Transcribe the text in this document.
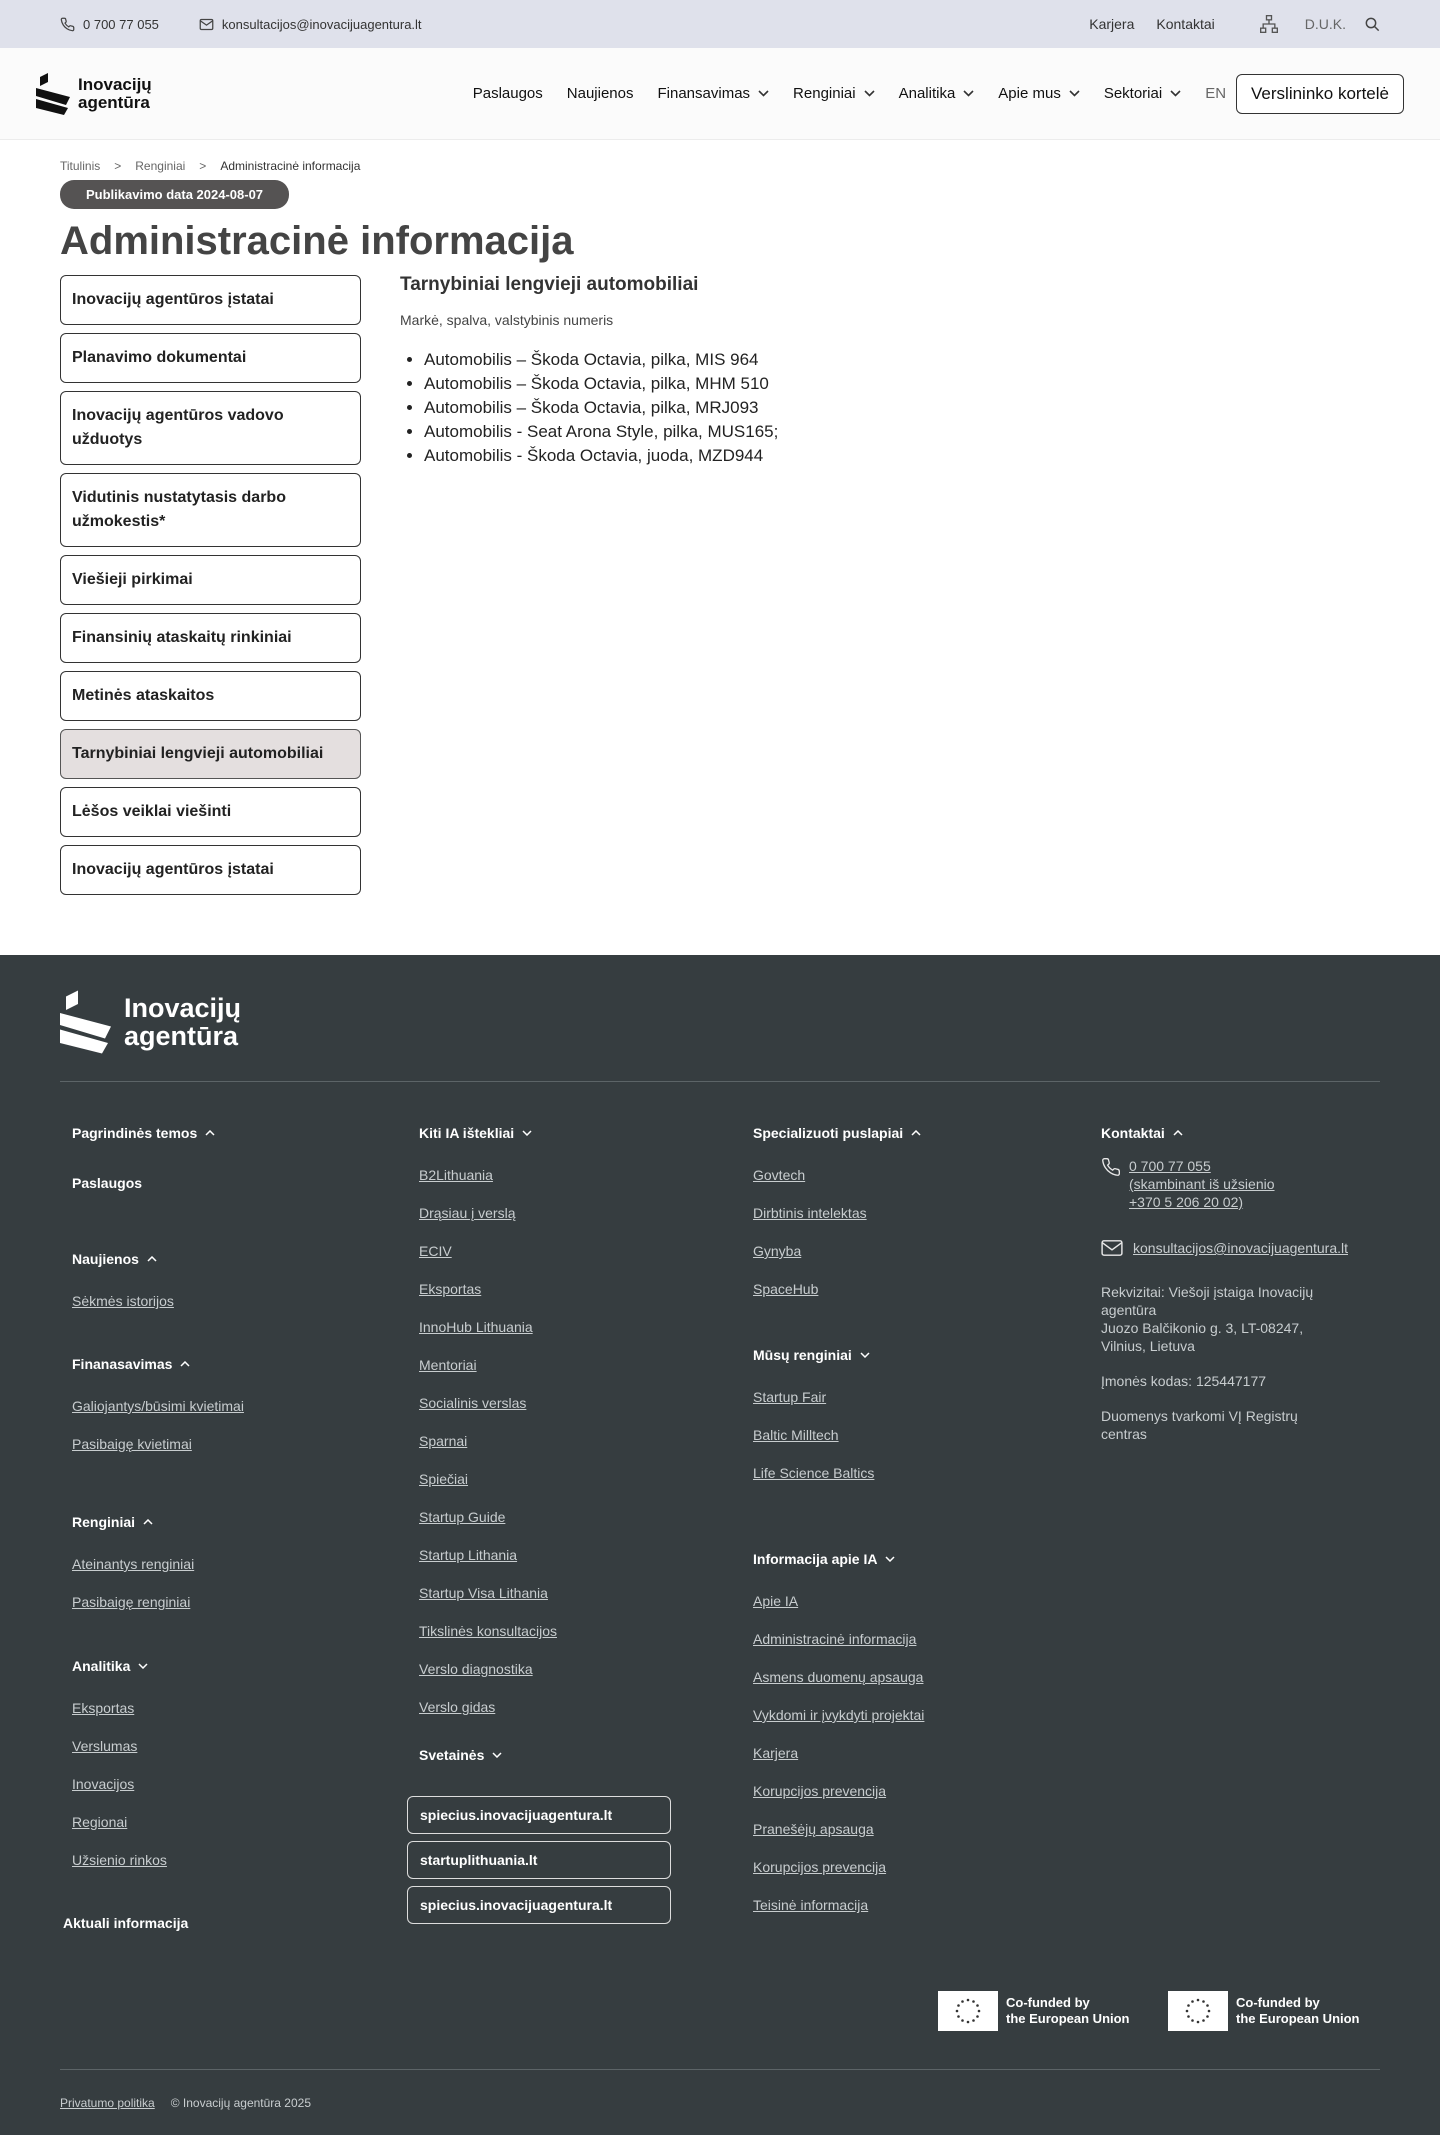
0 700 77 055	konsultacijos@inovacijuagentura.lt	Karjera Kontaktai	D.U.K.
Inovacijų
agentūra	Paslaugos Naujienos Finansavimas	Renginiai	Analitika	Apie mus	Sektoriai	EN	Verslininko kortelė
Titulinis > Renginiai > Administracinė informacija
Publikavimo data 2024-08-07
Administracinė informacija
Inovacijų agentūros įstatai
Planavimo dokumentai
Inovacijų agentūros vadovo užduotys
Vidutinis nustatytasis darbo užmokestis*
Viešieji pirkimai
Finansinių ataskaitų rinkiniai
Metinės ataskaitos
Tarnybiniai lengvieji automobiliai
Lėšos veiklai viešinti
Inovacijų agentūros įstatai
Tarnybiniai lengvieji automobiliai

Markė, spalva, valstybinis numeris

• Automobilis – Škoda Octavia, pilka, MIS 964
• Automobilis – Škoda Octavia, pilka, MHM 510
• Automobilis – Škoda Octavia, pilka, MRJ093
• Automobilis - Seat Arona Style, pilka, MUS165;
• Automobilis - Škoda Octavia, juoda, MZD944
Inovacijų
agentūra
Pagrindinės temos
Paslaugos
Naujienos
Sėkmės istorijos
Finanasavimas
Galiojantys/būsimi kvietimai
Pasibaigę kvietimai
Renginiai
Ateinantys renginiai
Pasibaigę renginiai
Analitika
Eksportas
Verslumas
Inovacijos
Regionai
Užsienio rinkos
Aktuali informacija
Kiti IA ištekliai
B2Lithuania
Drąsiau į verslą
ECIV
Eksportas
InnoHub Lithuania
Mentoriai
Socialinis verslas
Sparnai
Spiečiai
Startup Guide
Startup Lithania
Startup Visa Lithania
Tikslinės konsultacijos
Verslo diagnostika
Verslo gidas
Svetainės
spiecius.inovacijuagentura.lt
startuplithuania.lt
spiecius.inovacijuagentura.lt
Specializuoti puslapiai
Govtech
Dirbtinis intelektas
Gynyba
SpaceHub
Mūsų renginiai
Startup Fair
Baltic Milltech
Life Science Baltics
Informacija apie IA
Apie IA
Administracinė informacija
Asmens duomenų apsauga
Vykdomi ir įvykdyti projektai
Karjera
Korupcijos prevencija
Pranešėjų apsauga
Korupcijos prevencija
Teisinė informacija
Kontaktai
0 700 77 055
(skambinant iš užsienio
+370 5 206 20 02)
konsultacijos@inovacijuagentura.lt
Rekvizitai: Viešoji įstaiga Inovacijų
agentūra
Juozo Balčikonio g. 3, LT-08247,
Vilnius, Lietuva
Įmonės kodas: 125447177
Duomenys tvarkomi VĮ Registrų
centras
Co-funded by
the European Union
Co-funded by
the European Union
Privatumo politika © Inovacijų agentūra 2025
